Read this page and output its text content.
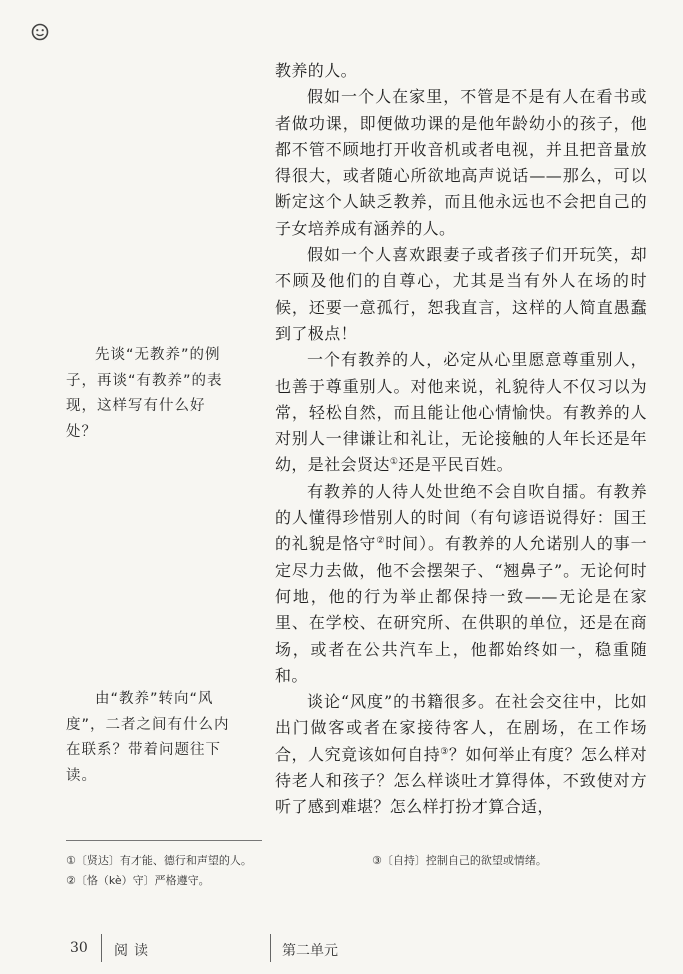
教养的人。

假如一个人在家里，不管是不是有人在看书或者做功课，即便做功课的是他年龄幼小的孩子，他都不管不顾地打开收音机或者电视，并且把音量放得很大，或者随心所欲地高声说话——那么，可以断定这个人缺乏教养，而且他永远也不会把自己的子女培养成有涵养的人。

假如一个人喜欢跟妻子或者孩子们开玩笑，却不顾及他们的自尊心，尤其是当有外人在场的时候，还要一意孤行，恕我直言，这样的人简直愚蠢到了极点！

一个有教养的人，必定从心里愿意尊重别人，也善于尊重别人。对他来说，礼貌待人不仅习以为常，轻松自然，而且能让他心情愉快。有教养的人对别人一律谦让和礼让，无论接触的人年长还是年幼，是社会贤达①还是平民百姓。

有教养的人待人处世绝不会自吹自擂。有教养的人懂得珍惜别人的时间（有句谚语说得好：国王的礼貌是恪守②时间）。有教养的人允诺别人的事一定尽力去做，他不会摆架子、“翘鼻子”。无论何时何地，他的行为举止都保持一致——无论是在家里、在学校、在研究所、在供职的单位，还是在商场，或者在公共汽车上，他都始终如一，稳重随和。

谈论“风度”的书籍很多。在社会交往中，比如出门做客或者在家接待客人，在剧场，在工作场合，人究竟该如何自持③？如何举止有度？怎么样对待老人和孩子？怎么样谈吐才算得体，不致使对方听了感到难堪？怎么样打扮才算合适，

先谈“无教养”的例子，再谈“有教养”的表现，这样写有什么好处？

由“教养”转向“风度”，二者之间有什么内在联系？带着问题往下读。

①〔贤达〕有才能、德行和声望的人。

②〔恪（kè）守〕严格遵守。

③〔自持〕控制自己的欲望或情绪。

30 阅读	第二单元
